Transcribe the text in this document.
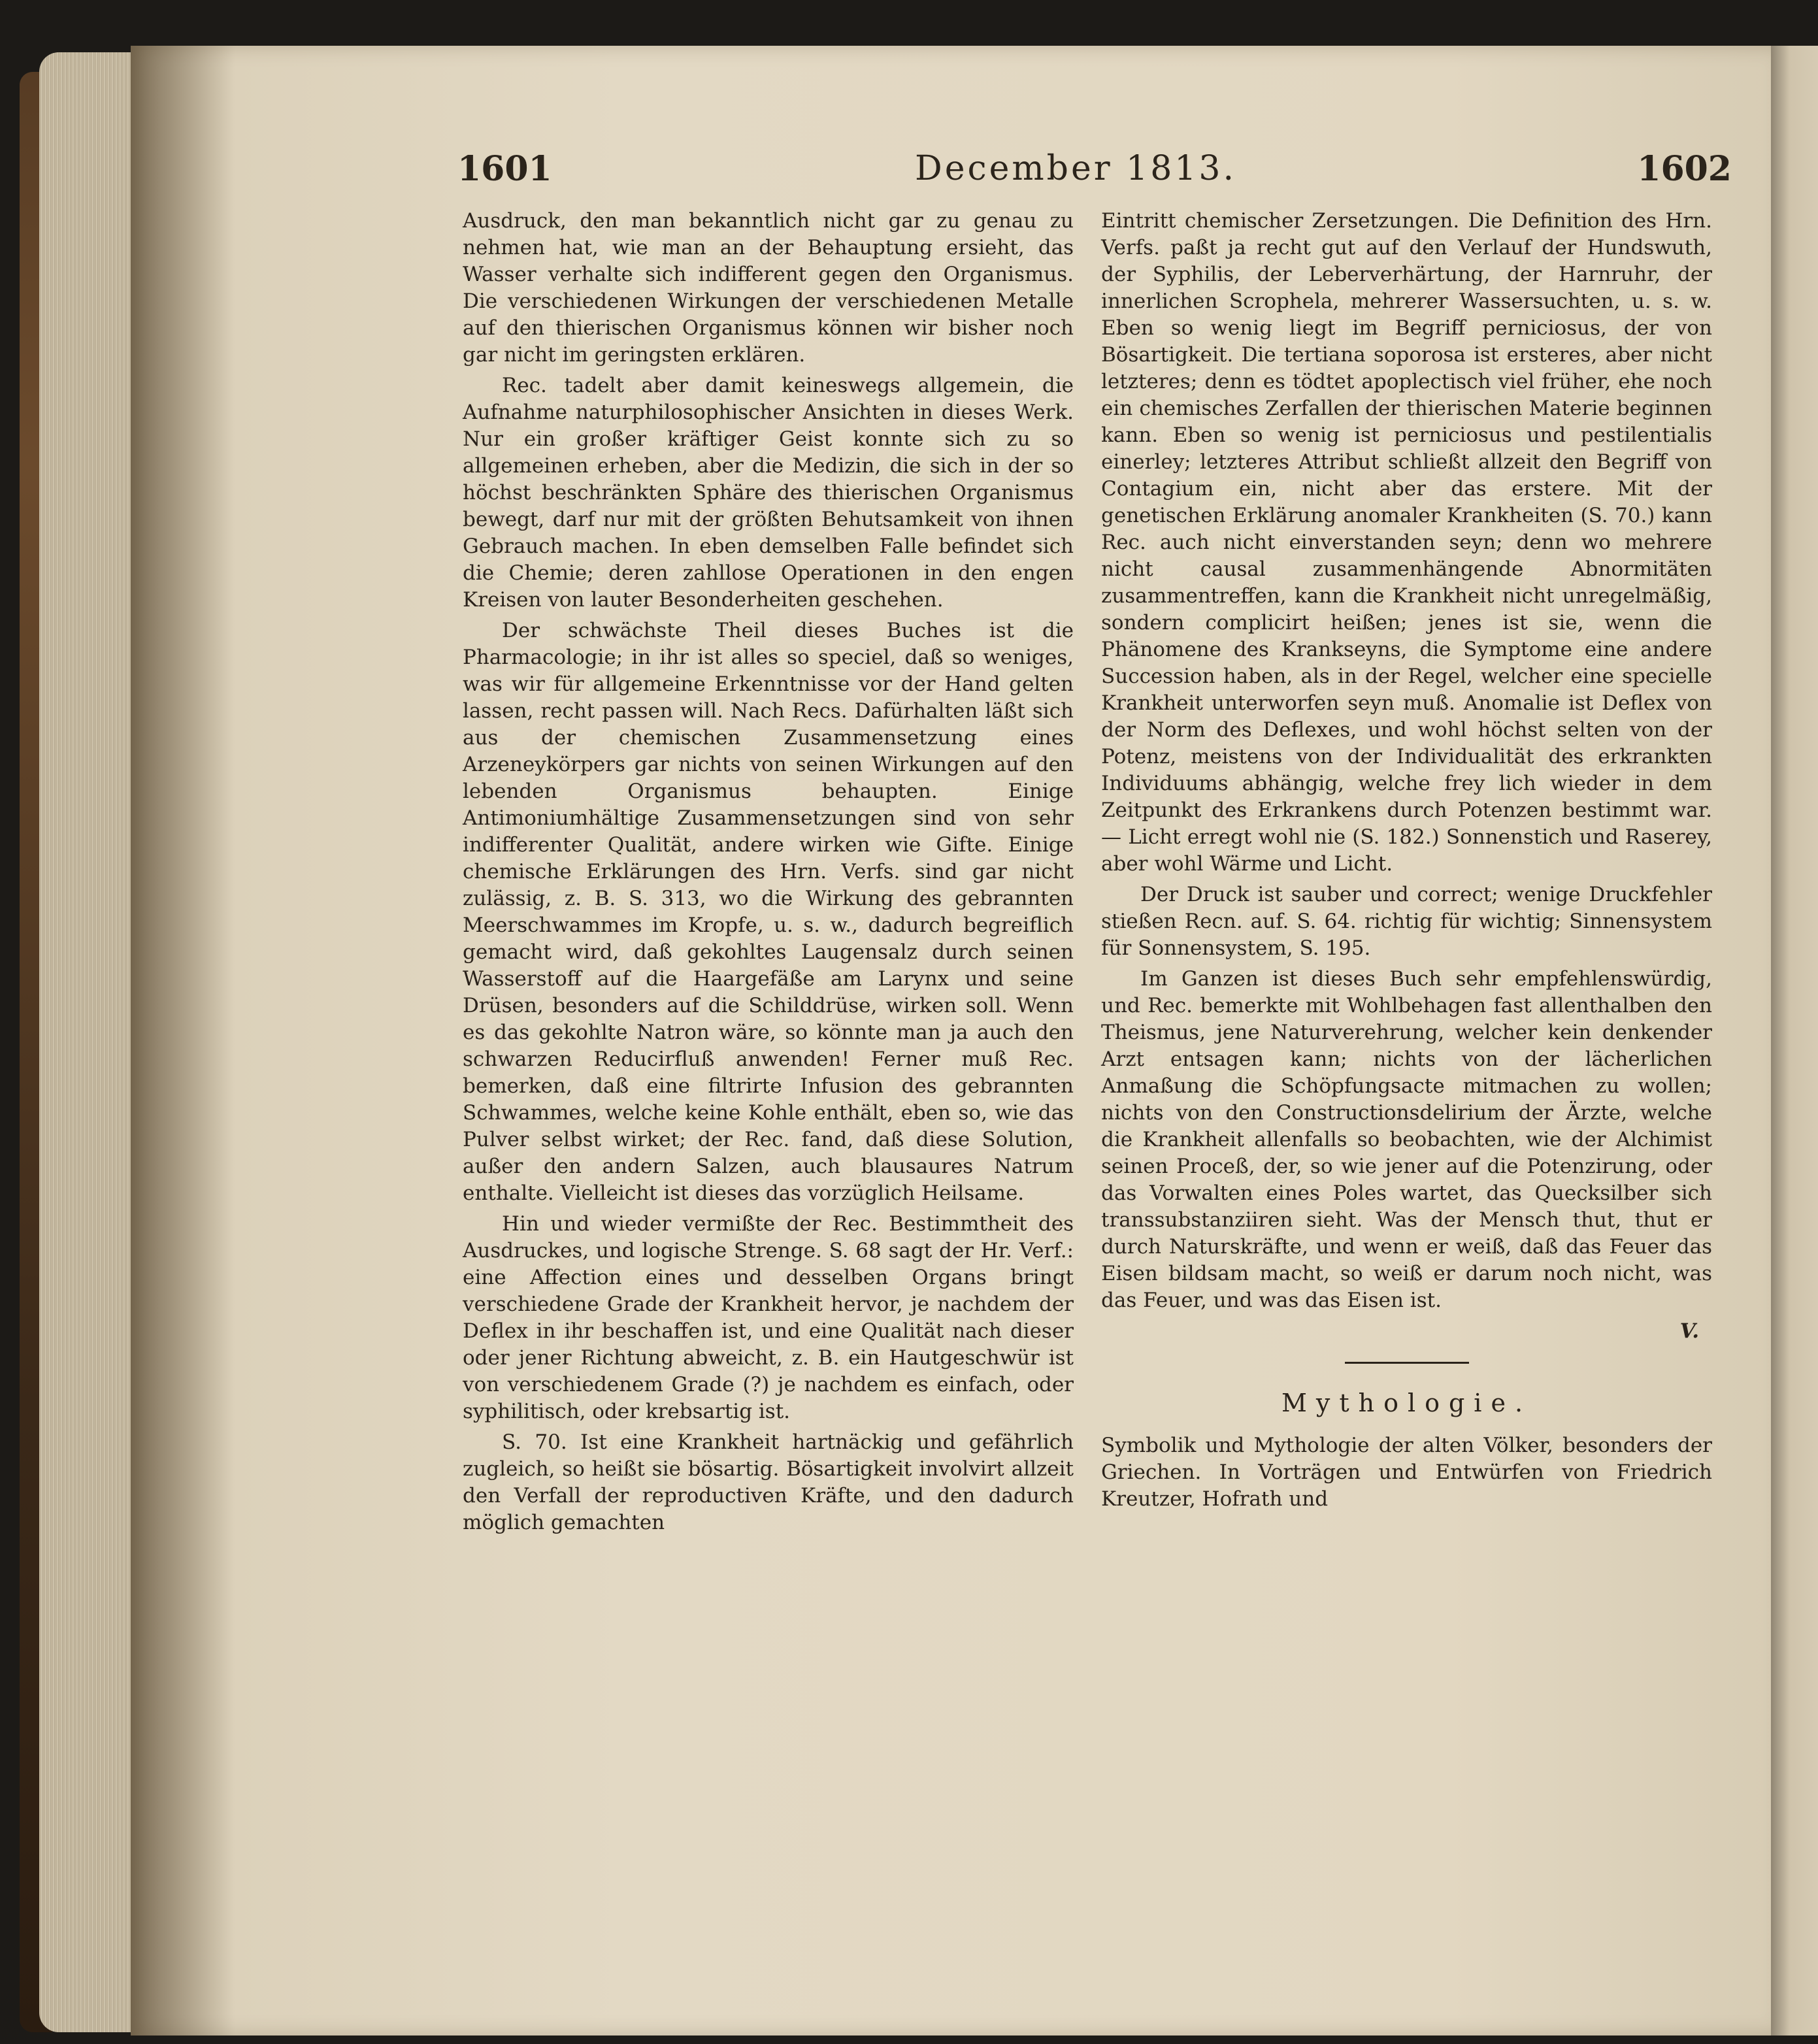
1601	December 1813.	1602

Ausdruck, den man bekanntlich nicht gar zu genau zu nehmen hat, wie man an der Behauptung ersieht, das Wasser verhalte sich indifferent gegen den Organismus. Die verschiedenen Wirkungen der verschiedenen Metalle auf den thierischen Organismus können wir bisher noch gar nicht im geringsten erklären.

Rec. tadelt aber damit keineswegs allgemein, die Aufnahme naturphilosophischer Ansichten in dieses Werk. Nur ein großer kräftiger Geist konnte sich zu so allgemeinen erheben, aber die Medizin, die sich in der so höchst beschränkten Sphäre des thierischen Organismus bewegt, darf nur mit der größten Behutsamkeit von ihnen Gebrauch machen. In eben demselben Falle befindet sich die Chemie; deren zahllose Operationen in den engen Kreisen von lauter Besonderheiten geschehen.

Der schwächste Theil dieses Buches ist die Pharmacologie; in ihr ist alles so speciel, daß so weniges, was wir für allgemeine Erkenntnisse vor der Hand gelten lassen, recht passen will. Nach Recs. Dafürhalten läßt sich aus der chemischen Zusammensetzung eines Arzeneykörpers gar nichts von seinen Wirkungen auf den lebenden Organismus behaupten. Einige Antimoniumhältige Zusammensetzungen sind von sehr indifferenter Qualität, andere wirken wie Gifte. Einige chemische Erklärungen des Hrn. Verfs. sind gar nicht zulässig, z. B. S. 313, wo die Wirkung des gebrannten Meerschwammes im Kropfe, u. s. w., dadurch begreiflich gemacht wird, daß gekohltes Laugensalz durch seinen Wasserstoff auf die Haargefäße am Larynx und seine Drüsen, besonders auf die Schilddrüse, wirken soll. Wenn es das gekohlte Natron wäre, so könnte man ja auch den schwarzen Reducirfluß anwenden! Ferner muß Rec. bemerken, daß eine filtrirte Infusion des gebrannten Schwammes, welche keine Kohle enthält, eben so, wie das Pulver selbst wirket; der Rec. fand, daß diese Solution, außer den andern Salzen, auch blausaures Natrum enthalte. Vielleicht ist dieses das vorzüglich Heilsame.

Hin und wieder vermißte der Rec. Bestimmtheit des Ausdruckes, und logische Strenge. S. 68 sagt der Hr. Verf.: eine Affection eines und desselben Organs bringt verschiedene Grade der Krankheit hervor, je nachdem der Deflex in ihr beschaffen ist, und eine Qualität nach dieser oder jener Richtung abweicht, z. B. ein Hautgeschwür ist von verschiedenem Grade (?) je nachdem es einfach, oder syphilitisch, oder krebsartig ist.

S. 70. Ist eine Krankheit hartnäckig und gefährlich zugleich, so heißt sie bösartig. Bösartigkeit involvirt allzeit den Verfall der reproductiven Kräfte, und den dadurch möglich gemachten

Eintritt chemischer Zersetzungen. Die Definition des Hrn. Verfs. paßt ja recht gut auf den Verlauf der Hundswuth, der Syphilis, der Leberverhärtung, der Harnruhr, der innerlichen Scrophela, mehrerer Wassersuchten, u. s. w. Eben so wenig liegt im Begriff perniciosus, der von Bösartigkeit. Die tertiana soporosa ist ersteres, aber nicht letzteres; denn es tödtet apoplectisch viel früher, ehe noch ein chemisches Zerfallen der thierischen Materie beginnen kann. Eben so wenig ist perniciosus und pestilentialis einerley; letzteres Attribut schließt allzeit den Begriff von Contagium ein, nicht aber das erstere. Mit der genetischen Erklärung anomaler Krankheiten (S. 70.) kann Rec. auch nicht einverstanden seyn; denn wo mehrere nicht causal zusammenhängende Abnormitäten zusammentreffen, kann die Krankheit nicht unregelmäßig, sondern complicirt heißen; jenes ist sie, wenn die Phänomene des Krankseyns, die Symptome eine andere Succession haben, als in der Regel, welcher eine specielle Krankheit unterworfen seyn muß. Anomalie ist Deflex von der Norm des Deflexes, und wohl höchst selten von der Potenz, meistens von der Individualität des erkrankten Individuums abhängig, welche frey lich wieder in dem Zeitpunkt des Erkrankens durch Potenzen bestimmt war. — Licht erregt wohl nie (S. 182.) Sonnenstich und Raserey, aber wohl Wärme und Licht.

Der Druck ist sauber und correct; wenige Druckfehler stießen Recn. auf. S. 64. richtig für wichtig; Sinnensystem für Sonnensystem, S. 195.

Im Ganzen ist dieses Buch sehr empfehlenswürdig, und Rec. bemerkte mit Wohlbehagen fast allenthalben den Theismus, jene Naturverehrung, welcher kein denkender Arzt entsagen kann; nichts von der lächerlichen Anmaßung die Schöpfungsacte mitmachen zu wollen; nichts von den Constructionsdelirium der Ärzte, welche die Krankheit allenfalls so beobachten, wie der Alchimist seinen Proceß, der, so wie jener auf die Potenzirung, oder das Vorwalten eines Poles wartet, das Quecksilber sich transsubstanziiren sieht. Was der Mensch thut, thut er durch Naturskräfte, und wenn er weiß, daß das Feuer das Eisen bildsam macht, so weiß er darum noch nicht, was das Feuer, und was das Eisen ist.

V.
Mythologie.

Symbolik und Mythologie der alten Völker, besonders der Griechen. In Vorträgen und Entwürfen von Friedrich Kreutzer, Hofrath und
